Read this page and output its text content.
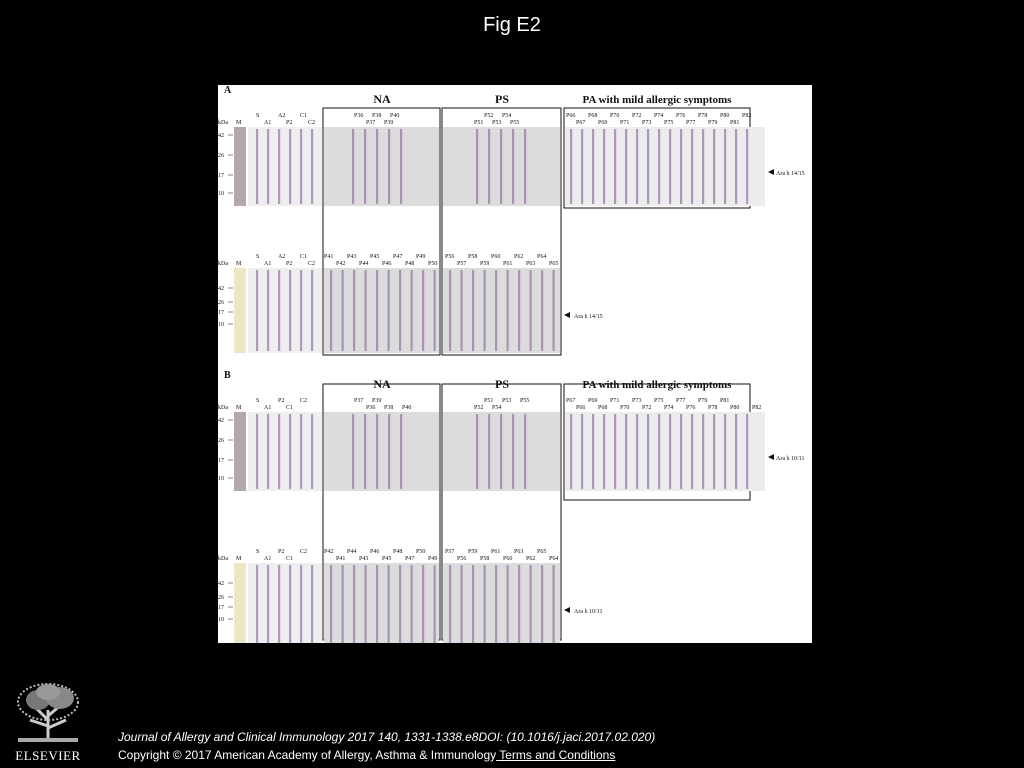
Fig E2
A
NA	PS	PA with mild allergic symptoms
kDa M
S	A2 C1
A1 P2	C2
P36 P38 P40
P37 P39
P52 P54
P51 P53 P55
P66 P68 P70 P72 P74 P76 P78 P80 P82
P67 P69 P71 P73 P75 P77 P79 P81
42
26
17
10
Ara h 14/15
kDa M
S	A2 C1
A1 P2	C2
P41 P43 P45 P47 P49
P42 P44 P46 P48 P50
P56 P58 P60 P62 P64
P57 P59 P61 P63 P65
42
26
17
10
Ara h 14/15
B
NA	PS	PA with mild allergic symptoms
kDa M
S	P2	C2
A1 C1
P37 P39
P36 P38 P40
P51 P53 P55
P52 P54
P67 P69 P71 P73 P75 P77 P79 P81
P66 P68 P70 P72 P74 P76 P78 P80 P82
42
26
17
10
Ara h 10/11
kDa M
S	P2	C2
A1 C1
P42 P44 P46 P48 P50
P41 P43 P45 P47 P49
P57 P59 P61 P63 P65
P56 P58 P60 P62 P64
42
26
17
10
Ara h 10/11
ELSEVIER
Journal of Allergy and Clinical Immunology 2017 140, 1331-1338.e8DOI: (10.1016/j.jaci.2017.02.020)
Copyright © 2017 American Academy of Allergy, Asthma & Immunology Terms and Conditions
